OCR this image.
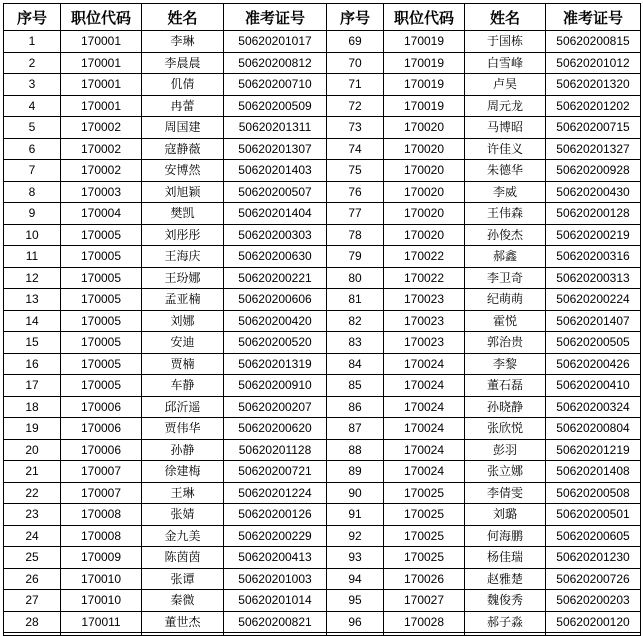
序号	职位代码	姓名	准考证号	序号	职位代码	姓名	准考证号
1	170001	李琳	50620201017	69	170019	于国栋	50620200815
2	170001	李晨晨	50620200812	70	170019	白雪峰	50620201012
3	170001	仉倩	50620200710	71	170019	卢昊	50620201320
4	170001	冉蕾	50620200509	72	170019	周元龙	50620201202
5	170002	周国建	50620201311	73	170020	马博昭	50620200715
6	170002	寇静薇	50620201307	74	170020	许佳义	50620201327
7	170002	安博然	50620201403	75	170020	朱德华	50620200928
8	170003	刘旭颖	50620200507	76	170020	李威	50620200430
9	170004	樊凯	50620201404	77	170020	王伟森	50620200128
10	170005	刘彤彤	50620200303	78	170020	孙俊杰	50620200219
11	170005	王海庆	50620200630	79	170022	郝鑫	50620200316
12	170005	王玢娜	50620200221	80	170022	李卫奇	50620200313
13	170005	孟亚楠	50620200606	81	170023	纪萌萌	50620200224
14	170005	刘娜	50620200420	82	170023	霍悦	50620201407
15	170005	安迪	50620200520	83	170023	郭治贵	50620200505
16	170005	贾楠	50620201319	84	170024	李黎	50620200426
17	170005	车静	50620200910	85	170024	董石磊	50620200410
18	170006	邱沂遥	50620200207	86	170024	孙晓静	50620200324
19	170006	贾伟华	50620200620	87	170024	张欣悦	50620200804
20	170006	孙静	50620201128	88	170024	彭羽	50620201219
21	170007	徐建梅	50620200721	89	170024	张立娜	50620201408
22	170007	王琳	50620201224	90	170025	李倩雯	50620200508
23	170008	张婧	50620200126	91	170025	刘璐	50620200501
24	170008	金九美	50620200229	92	170025	何海鹏	50620200605
25	170009	陈茵茵	50620200413	93	170025	杨佳瑞	50620201230
26	170010	张谭	50620201003	94	170026	赵雅楚	50620200726
27	170010	秦微	50620201014	95	170027	魏俊秀	50620200203
28	170011	董世杰	50620200821	96	170028	郝子淼	50620200120
